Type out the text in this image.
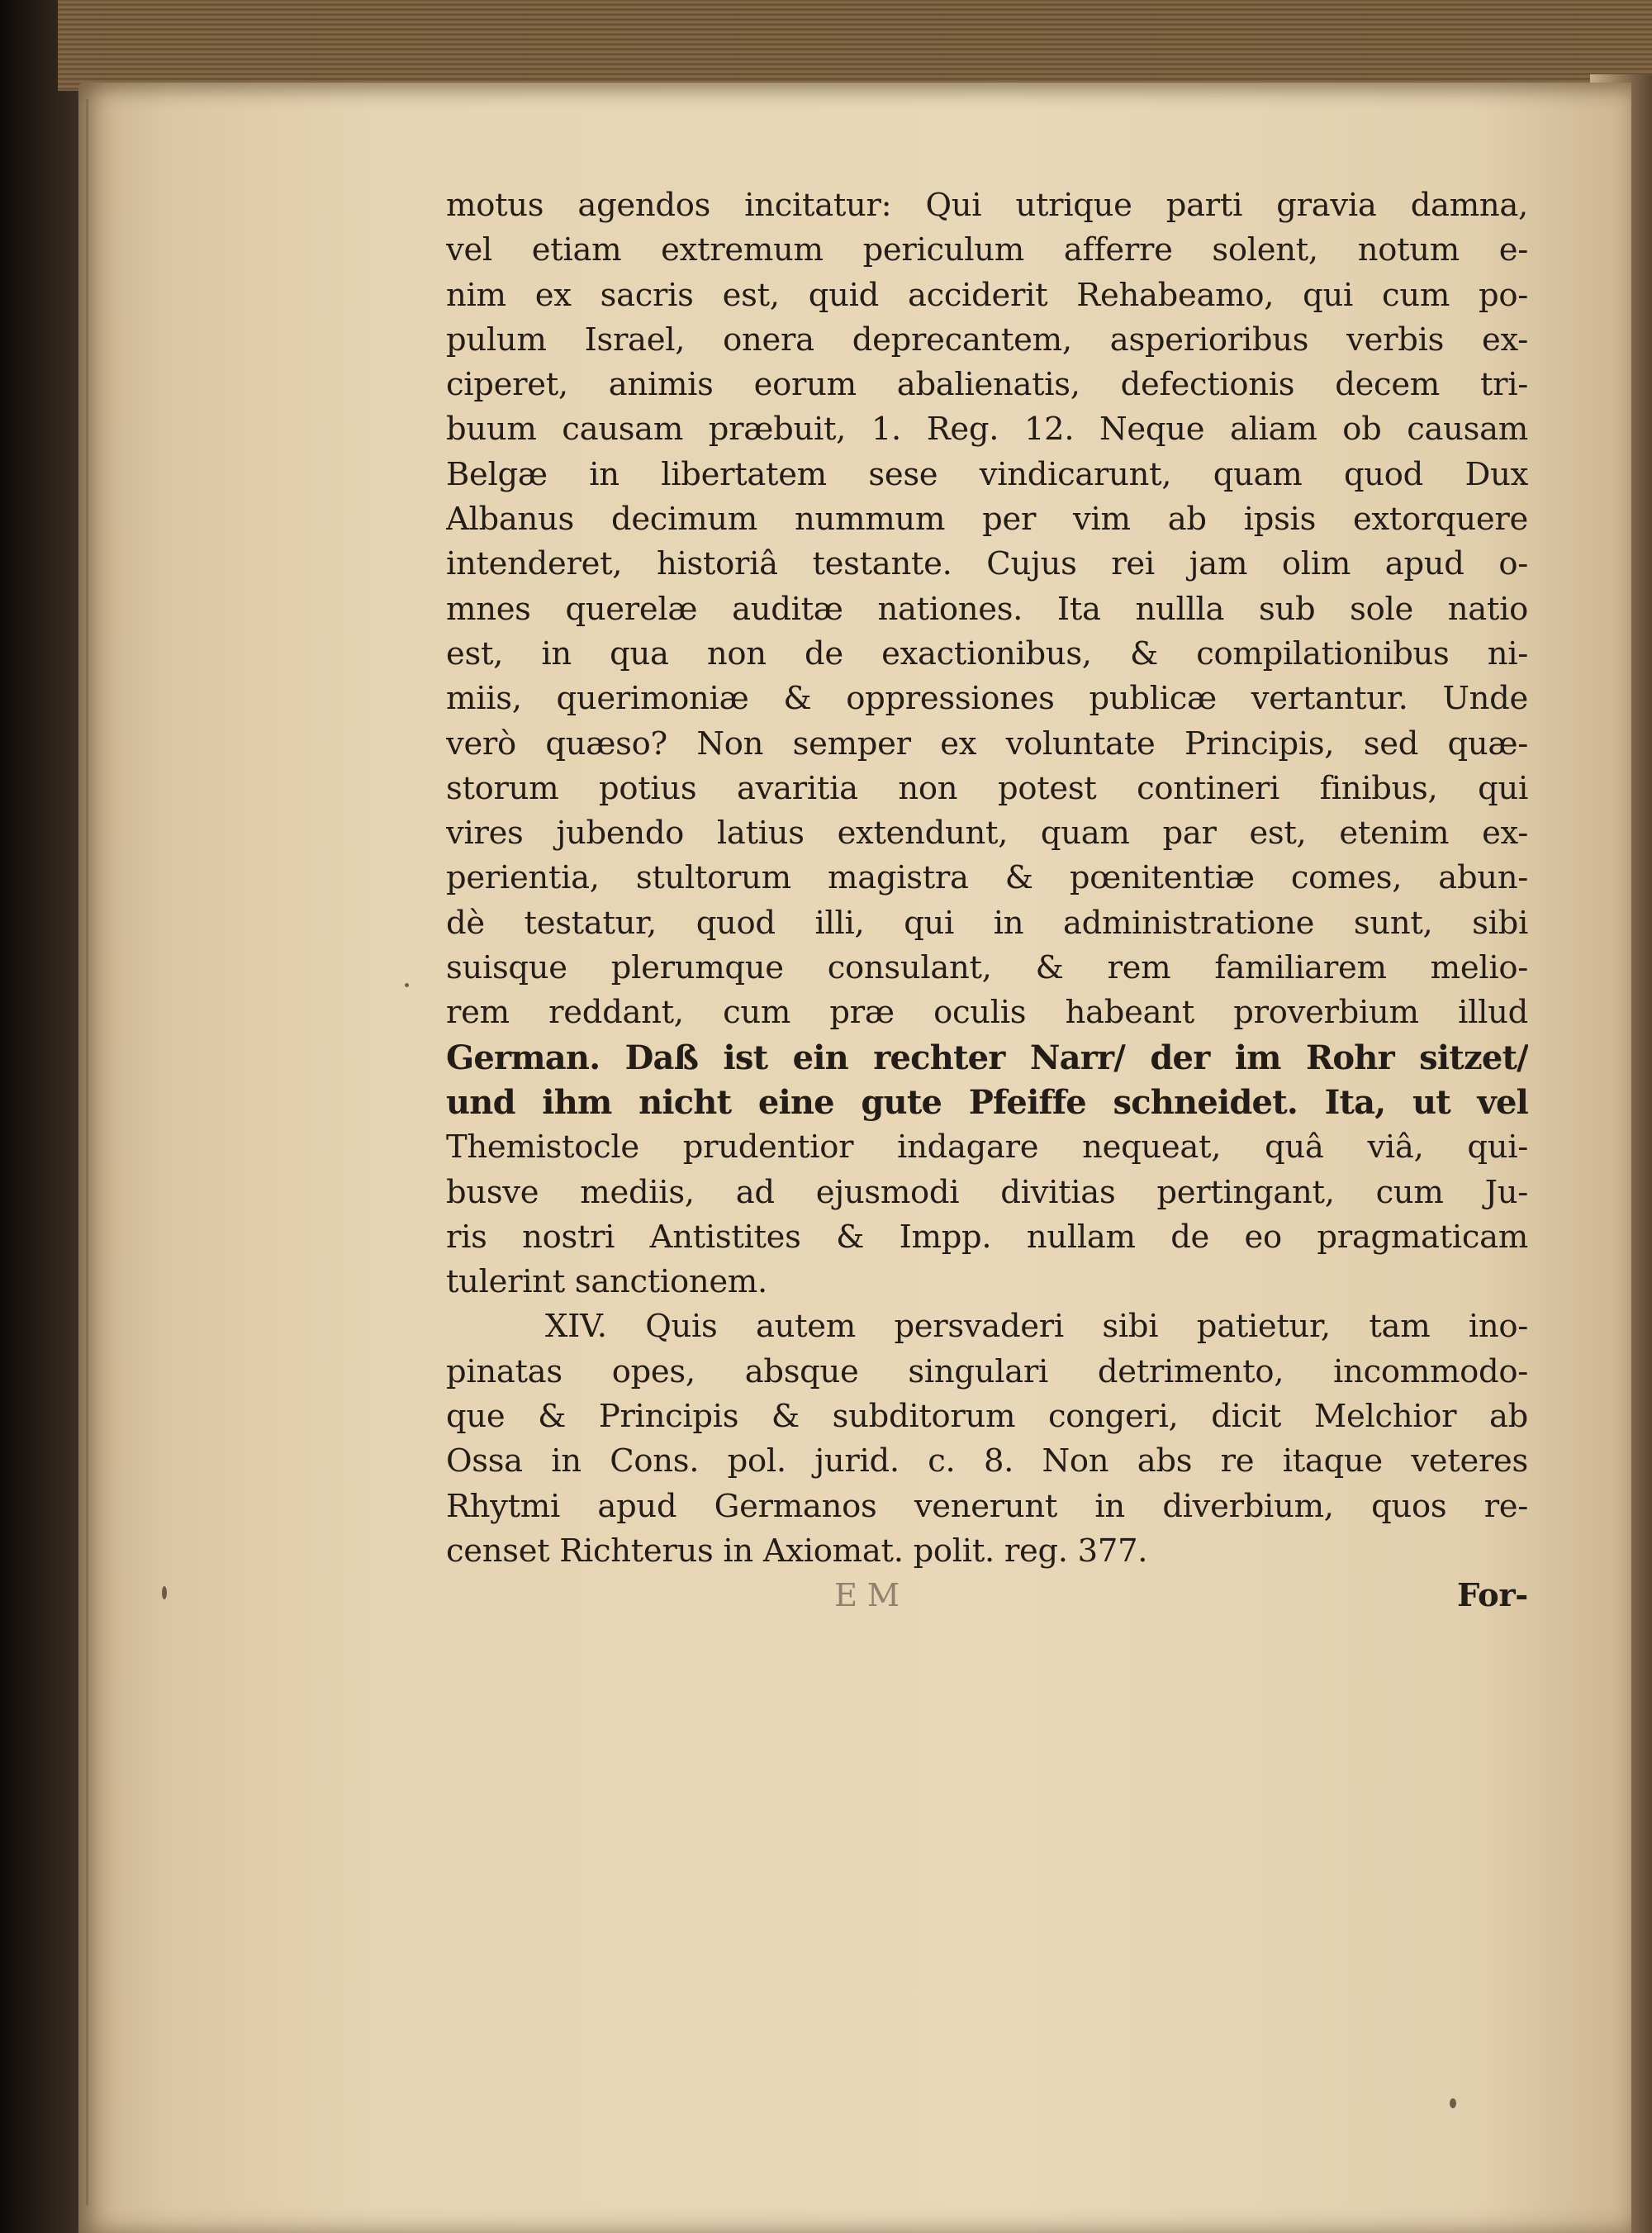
motus agendos incitatur: Qui utrique parti gravia damna,
vel etiam extremum periculum afferre solent, notum e-
nim ex sacris est, quid acciderit Rehabeamo, qui cum po-
pulum Israel, onera deprecantem, asperioribus verbis ex-
ciperet, animis eorum abalienatis, defectionis decem tri-
buum causam præbuit, 1. Reg. 12. Neque aliam ob causam
Belgæ in libertatem sese vindicarunt, quam quod Dux
Albanus decimum nummum per vim ab ipsis extorquere
intenderet, historiâ testante. Cujus rei jam olim apud o-
mnes querelæ auditæ nationes. Ita nullla sub sole natio
est, in qua non de exactionibus, & compilationibus ni-
miis, querimoniæ & oppressiones publicæ vertantur. Unde
verò quæso? Non semper ex voluntate Principis, sed quæ-
storum potius avaritia non potest contineri finibus, qui
vires jubendo latius extendunt, quam par est, etenim ex-
perientia, stultorum magistra & pœnitentiæ comes, abun-
dè testatur, quod illi, qui in administratione sunt, sibi
suisque plerumque consulant, & rem familiarem melio-
rem reddant, cum præ oculis habeant proverbium illud
German. Daß ist ein rechter Narr/ der im Rohr sitzet/
und ihm nicht eine gute Pfeiffe schneidet. Ita, ut vel
Themistocle prudentior indagare nequeat, quâ viâ, qui-
busve mediis, ad ejusmodi divitias pertingant, cum Ju-
ris nostri Antistites & Impp. nullam de eo pragmaticam
tulerint sanctionem.
XIV. Quis autem persvaderi sibi patietur, tam ino-
pinatas opes, absque singulari detrimento, incommodo-
que & Principis & subditorum congeri, dicit Melchior ab
Ossa in Cons. pol. jurid. c. 8. Non abs re itaque veteres
Rhytmi apud Germanos venerunt in diverbium, quos re-
censet Richterus in Axiomat. polit. reg. 377.
E M	For-
